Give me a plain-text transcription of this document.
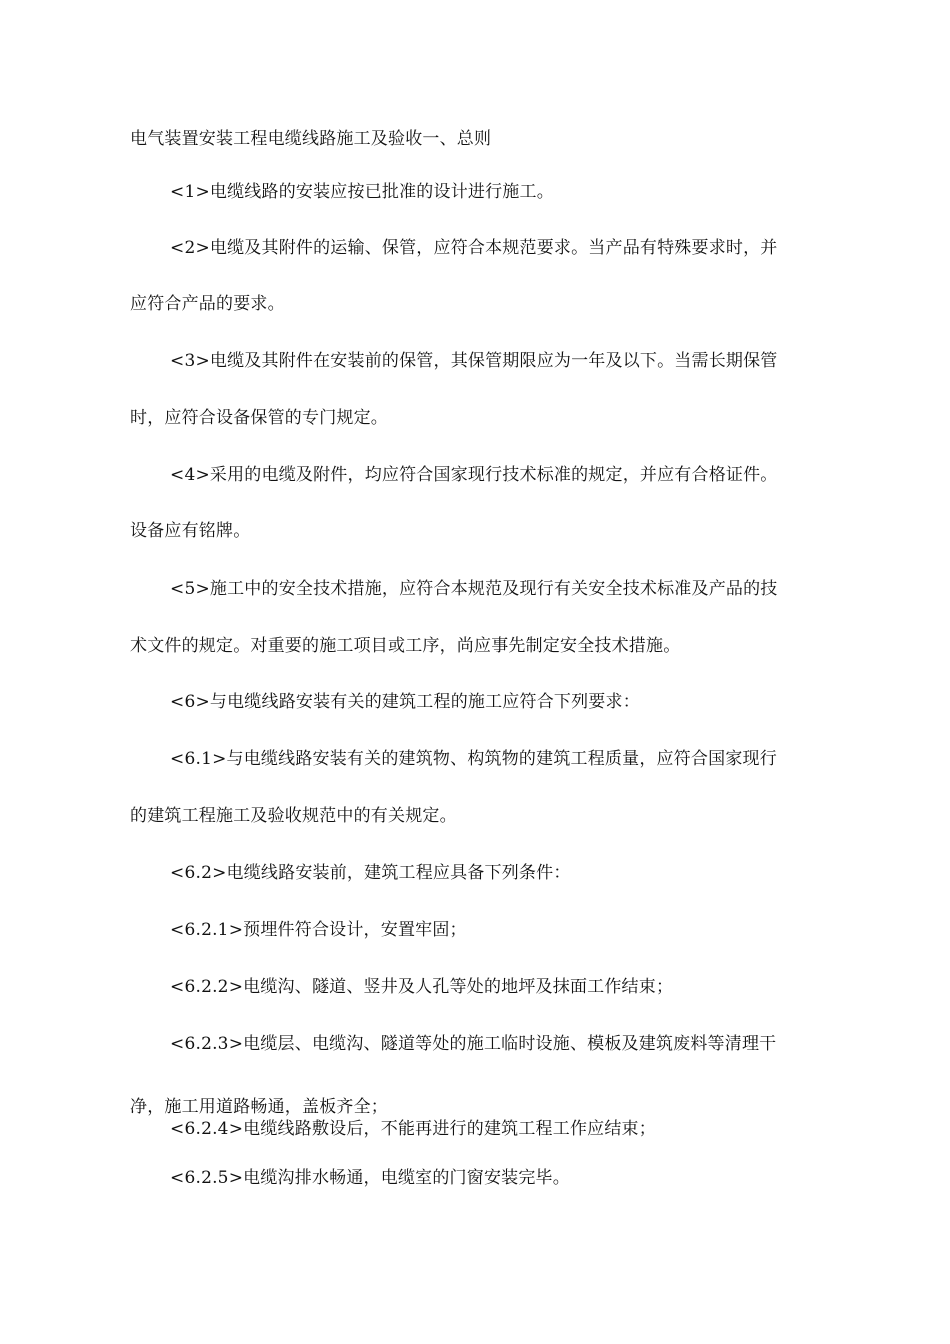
电气装置安装工程电缆线路施工及验收一、总则

<1>电缆线路的安装应按已批准的设计进行施工。

<2>电缆及其附件的运输、保管，应符合本规范要求。当产品有特殊要求时，并

应符合产品的要求。

<3>电缆及其附件在安装前的保管，其保管期限应为一年及以下。当需长期保管

时，应符合设备保管的专门规定。

<4>采用的电缆及附件，均应符合国家现行技术标准的规定，并应有合格证件。

设备应有铭牌。

<5>施工中的安全技术措施，应符合本规范及现行有关安全技术标准及产品的技

术文件的规定。对重要的施工项目或工序，尚应事先制定安全技术措施。

<6>与电缆线路安装有关的建筑工程的施工应符合下列要求：

<6.1>与电缆线路安装有关的建筑物、构筑物的建筑工程质量，应符合国家现行

的建筑工程施工及验收规范中的有关规定。

<6.2>电缆线路安装前，建筑工程应具备下列条件：

<6.2.1>预埋件符合设计，安置牢固；

<6.2.2>电缆沟、隧道、竖井及人孔等处的地坪及抹面工作结束；

<6.2.3>电缆层、电缆沟、隧道等处的施工临时设施、模板及建筑废料等清理干

净，施工用道路畅通，盖板齐全；

<6.2.4>电缆线路敷设后，不能再进行的建筑工程工作应结束；

<6.2.5>电缆沟排水畅通，电缆室的门窗安装完毕。
